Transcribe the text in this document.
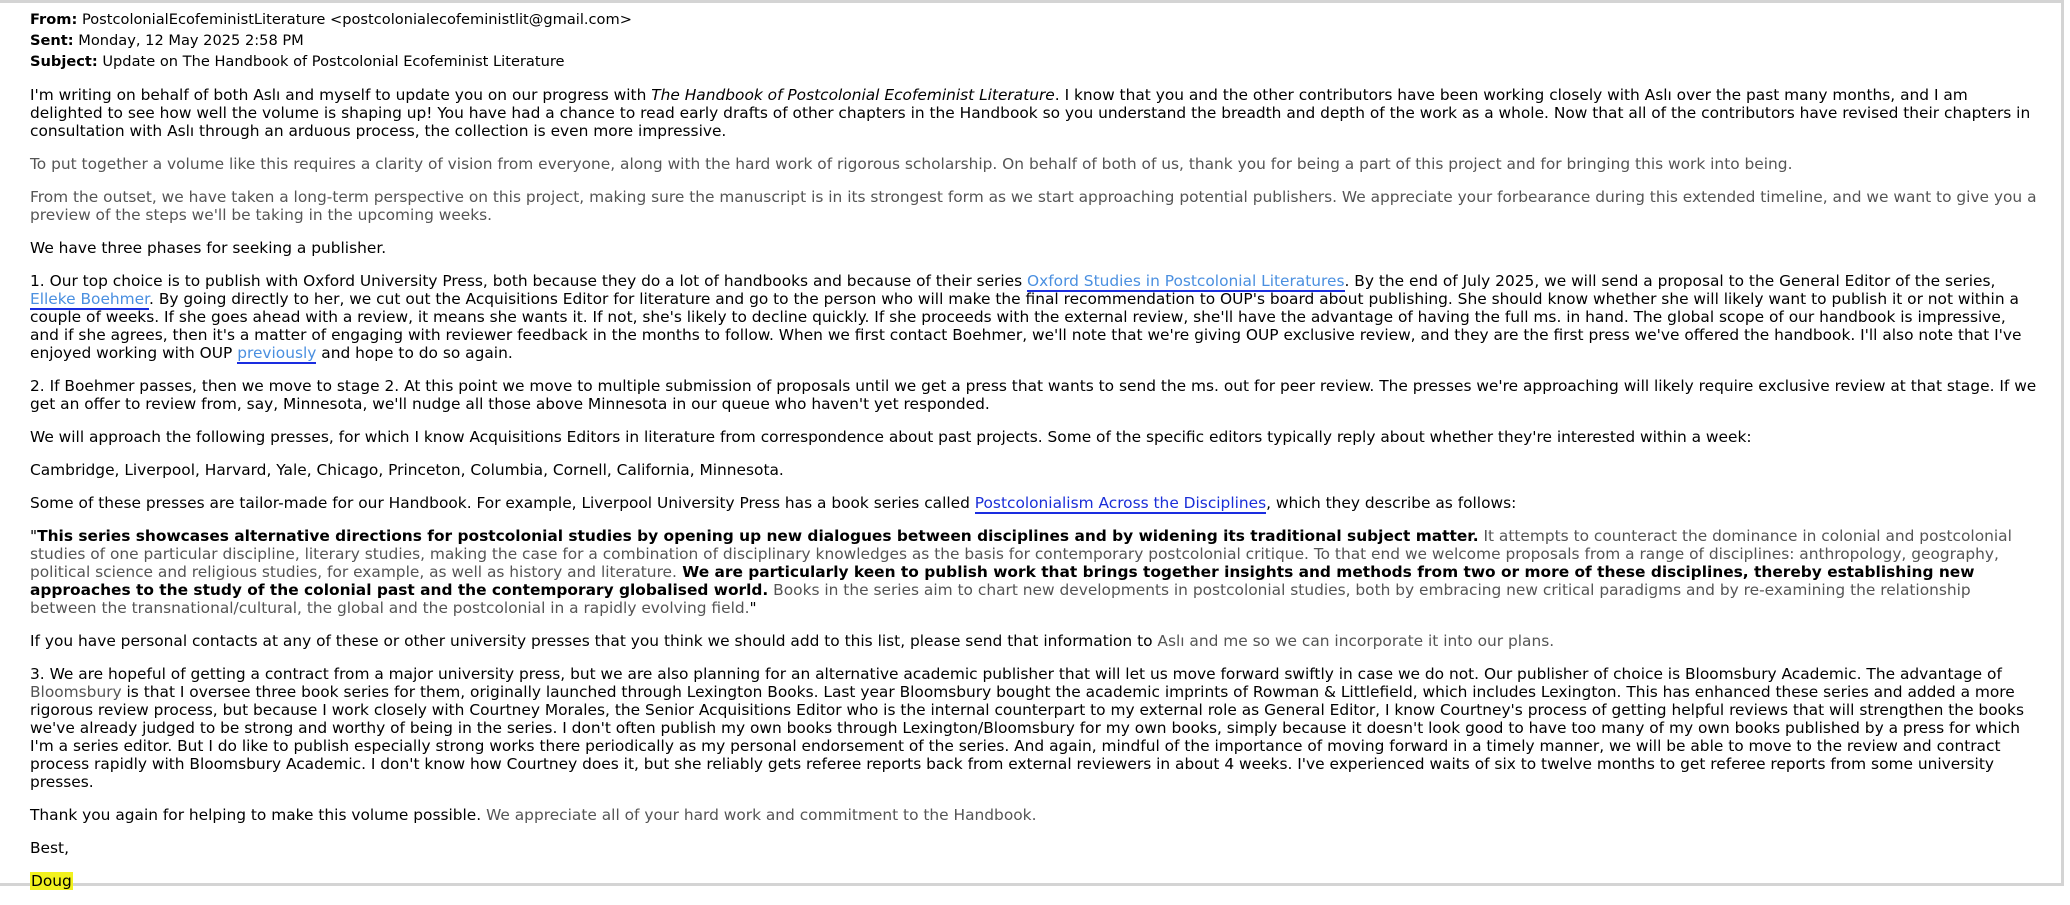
From: PostcolonialEcofeministLiterature <postcolonialecofeministlit@gmail.com>
Sent: Monday, 12 May 2025 2:58 PM
Subject: Update on The Handbook of Postcolonial Ecofeminist Literature

I'm writing on behalf of both Aslı and myself to update you on our progress with The Handbook of Postcolonial Ecofeminist Literature. I know that you and the other contributors have been working closely with Aslı over the past many months, and I am delighted to see how well the volume is shaping up! You have had a chance to read early drafts of other chapters in the Handbook so you understand the breadth and depth of the work as a whole. Now that all of the contributors have revised their chapters in consultation with Aslı through an arduous process, the collection is even more impressive.

To put together a volume like this requires a clarity of vision from everyone, along with the hard work of rigorous scholarship. On behalf of both of us, thank you for being a part of this project and for bringing this work into being.

From the outset, we have taken a long-term perspective on this project, making sure the manuscript is in its strongest form as we start approaching potential publishers. We appreciate your forbearance during this extended timeline, and we want to give you a preview of the steps we'll be taking in the upcoming weeks.

We have three phases for seeking a publisher.

1. Our top choice is to publish with Oxford University Press, both because they do a lot of handbooks and because of their series Oxford Studies in Postcolonial Literatures. By the end of July 2025, we will send a proposal to the General Editor of the series, Elleke Boehmer. By going directly to her, we cut out the Acquisitions Editor for literature and go to the person who will make the final recommendation to OUP's board about publishing. She should know whether she will likely want to publish it or not within a couple of weeks. If she goes ahead with a review, it means she wants it. If not, she's likely to decline quickly. If she proceeds with the external review, she'll have the advantage of having the full ms. in hand. The global scope of our handbook is impressive, and if she agrees, then it's a matter of engaging with reviewer feedback in the months to follow. When we first contact Boehmer, we'll note that we're giving OUP exclusive review, and they are the first press we've offered the handbook. I'll also note that I've enjoyed working with OUP previously and hope to do so again.

2. If Boehmer passes, then we move to stage 2. At this point we move to multiple submission of proposals until we get a press that wants to send the ms. out for peer review. The presses we're approaching will likely require exclusive review at that stage. If we get an offer to review from, say, Minnesota, we'll nudge all those above Minnesota in our queue who haven't yet responded.

We will approach the following presses, for which I know Acquisitions Editors in literature from correspondence about past projects. Some of the specific editors typically reply about whether they're interested within a week:

Cambridge, Liverpool, Harvard, Yale, Chicago, Princeton, Columbia, Cornell, California, Minnesota.

Some of these presses are tailor-made for our Handbook. For example, Liverpool University Press has a book series called Postcolonialism Across the Disciplines, which they describe as follows:

"This series showcases alternative directions for postcolonial studies by opening up new dialogues between disciplines and by widening its traditional subject matter. It attempts to counteract the dominance in colonial and postcolonial studies of one particular discipline, literary studies, making the case for a combination of disciplinary knowledges as the basis for contemporary postcolonial critique. To that end we welcome proposals from a range of disciplines: anthropology, geography, political science and religious studies, for example, as well as history and literature. We are particularly keen to publish work that brings together insights and methods from two or more of these disciplines, thereby establishing new approaches to the study of the colonial past and the contemporary globalised world. Books in the series aim to chart new developments in postcolonial studies, both by embracing new critical paradigms and by re-examining the relationship between the transnational/cultural, the global and the postcolonial in a rapidly evolving field."

If you have personal contacts at any of these or other university presses that you think we should add to this list, please send that information to Aslı and me so we can incorporate it into our plans.

3. We are hopeful of getting a contract from a major university press, but we are also planning for an alternative academic publisher that will let us move forward swiftly in case we do not. Our publisher of choice is Bloomsbury Academic. The advantage of Bloomsbury is that I oversee three book series for them, originally launched through Lexington Books. Last year Bloomsbury bought the academic imprints of Rowman & Littlefield, which includes Lexington. This has enhanced these series and added a more rigorous review process, but because I work closely with Courtney Morales, the Senior Acquisitions Editor who is the internal counterpart to my external role as General Editor, I know Courtney's process of getting helpful reviews that will strengthen the books we've already judged to be strong and worthy of being in the series. I don't often publish my own books through Lexington/Bloomsbury for my own books, simply because it doesn't look good to have too many of my own books published by a press for which I'm a series editor. But I do like to publish especially strong works there periodically as my personal endorsement of the series. And again, mindful of the importance of moving forward in a timely manner, we will be able to move to the review and contract process rapidly with Bloomsbury Academic. I don't know how Courtney does it, but she reliably gets referee reports back from external reviewers in about 4 weeks. I've experienced waits of six to twelve months to get referee reports from some university presses.

Thank you again for helping to make this volume possible. We appreciate all of your hard work and commitment to the Handbook.

Best,

Doug
